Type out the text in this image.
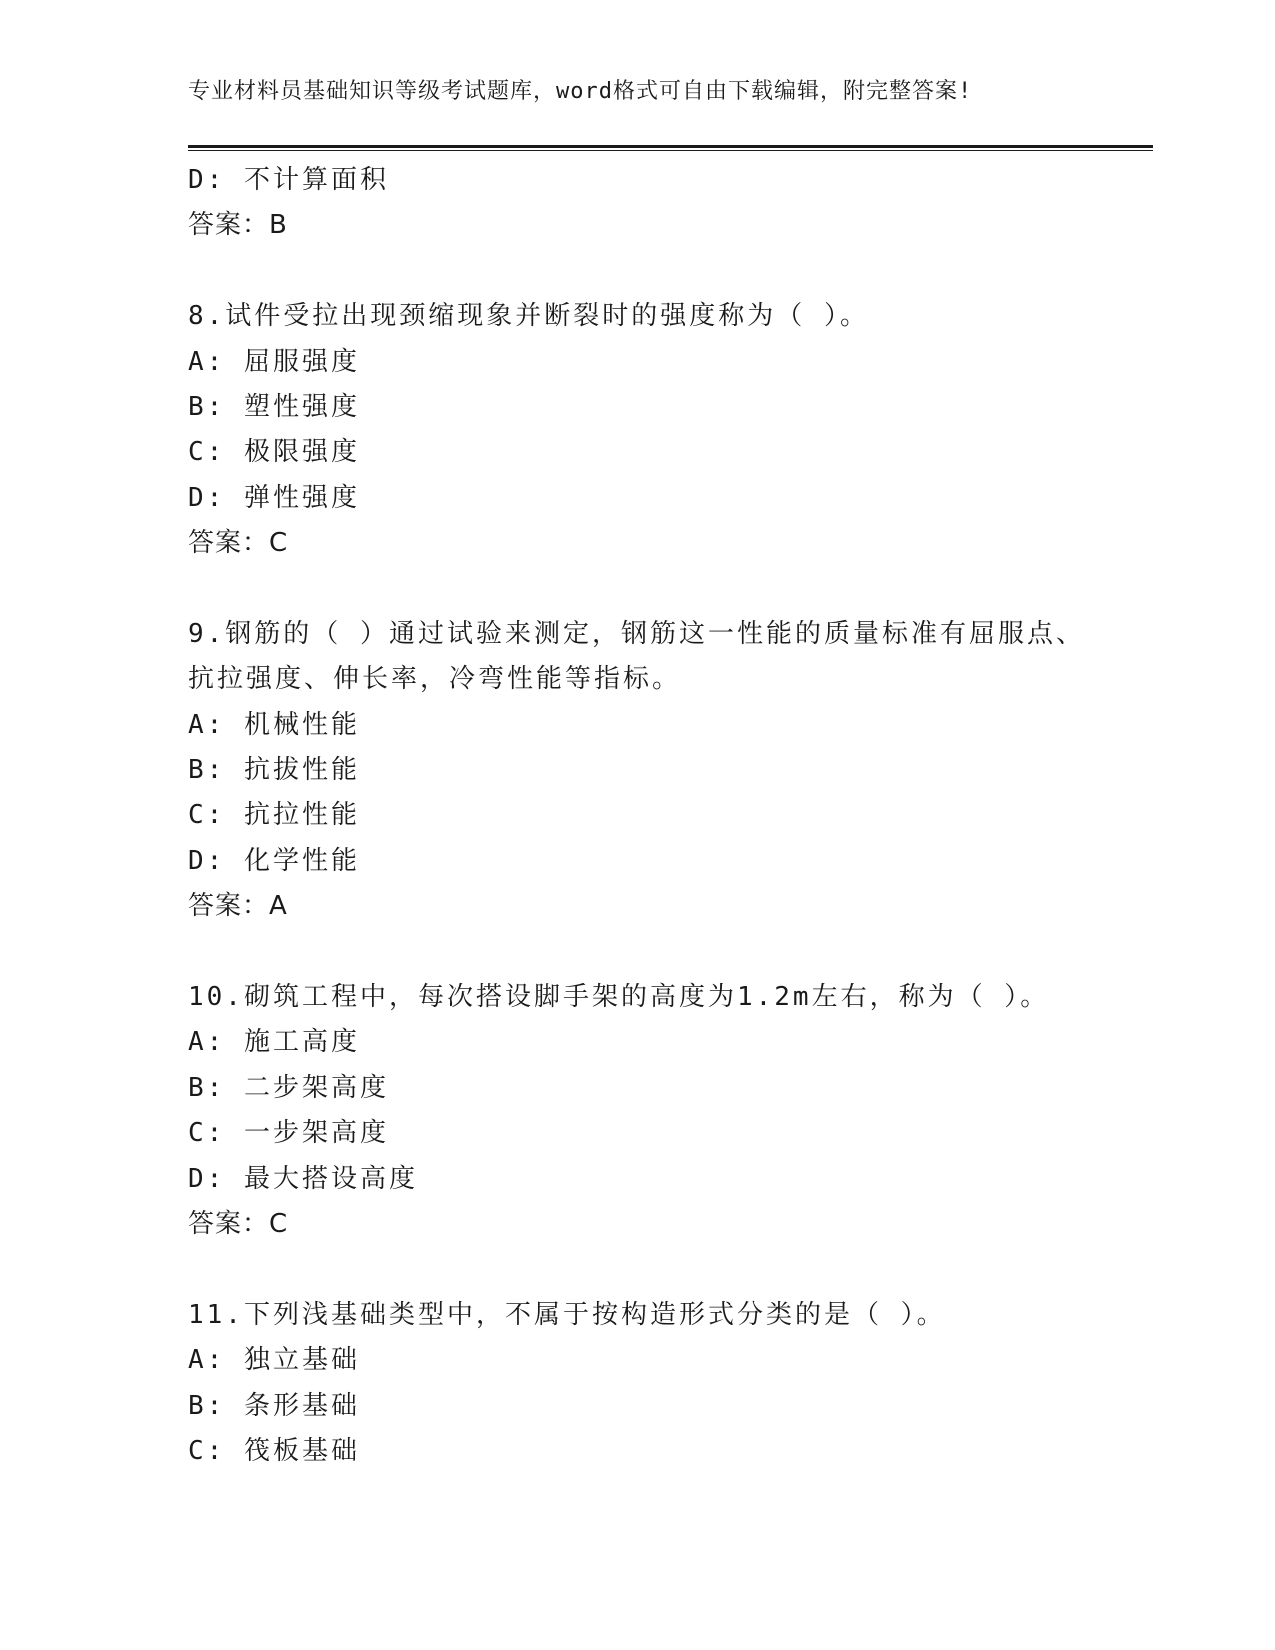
专业材料员基础知识等级考试题库，word格式可自由下载编辑，附完整答案!
D: 不计算面积
答案：B
8.试件受拉出现颈缩现象并断裂时的强度称为（ ）。
A: 屈服强度
B: 塑性强度
C: 极限强度
D: 弹性强度
答案：C
9.钢筋的（ ）通过试验来测定，钢筋这一性能的质量标准有屈服点、
抗拉强度、伸长率，冷弯性能等指标。
A: 机械性能
B: 抗拔性能
C: 抗拉性能
D: 化学性能
答案：A
10.砌筑工程中，每次搭设脚手架的高度为1.2m左右，称为（ ）。
A: 施工高度
B: 二步架高度
C: 一步架高度
D: 最大搭设高度
答案：C
11.下列浅基础类型中，不属于按构造形式分类的是（ ）。
A: 独立基础
B: 条形基础
C: 筏板基础
